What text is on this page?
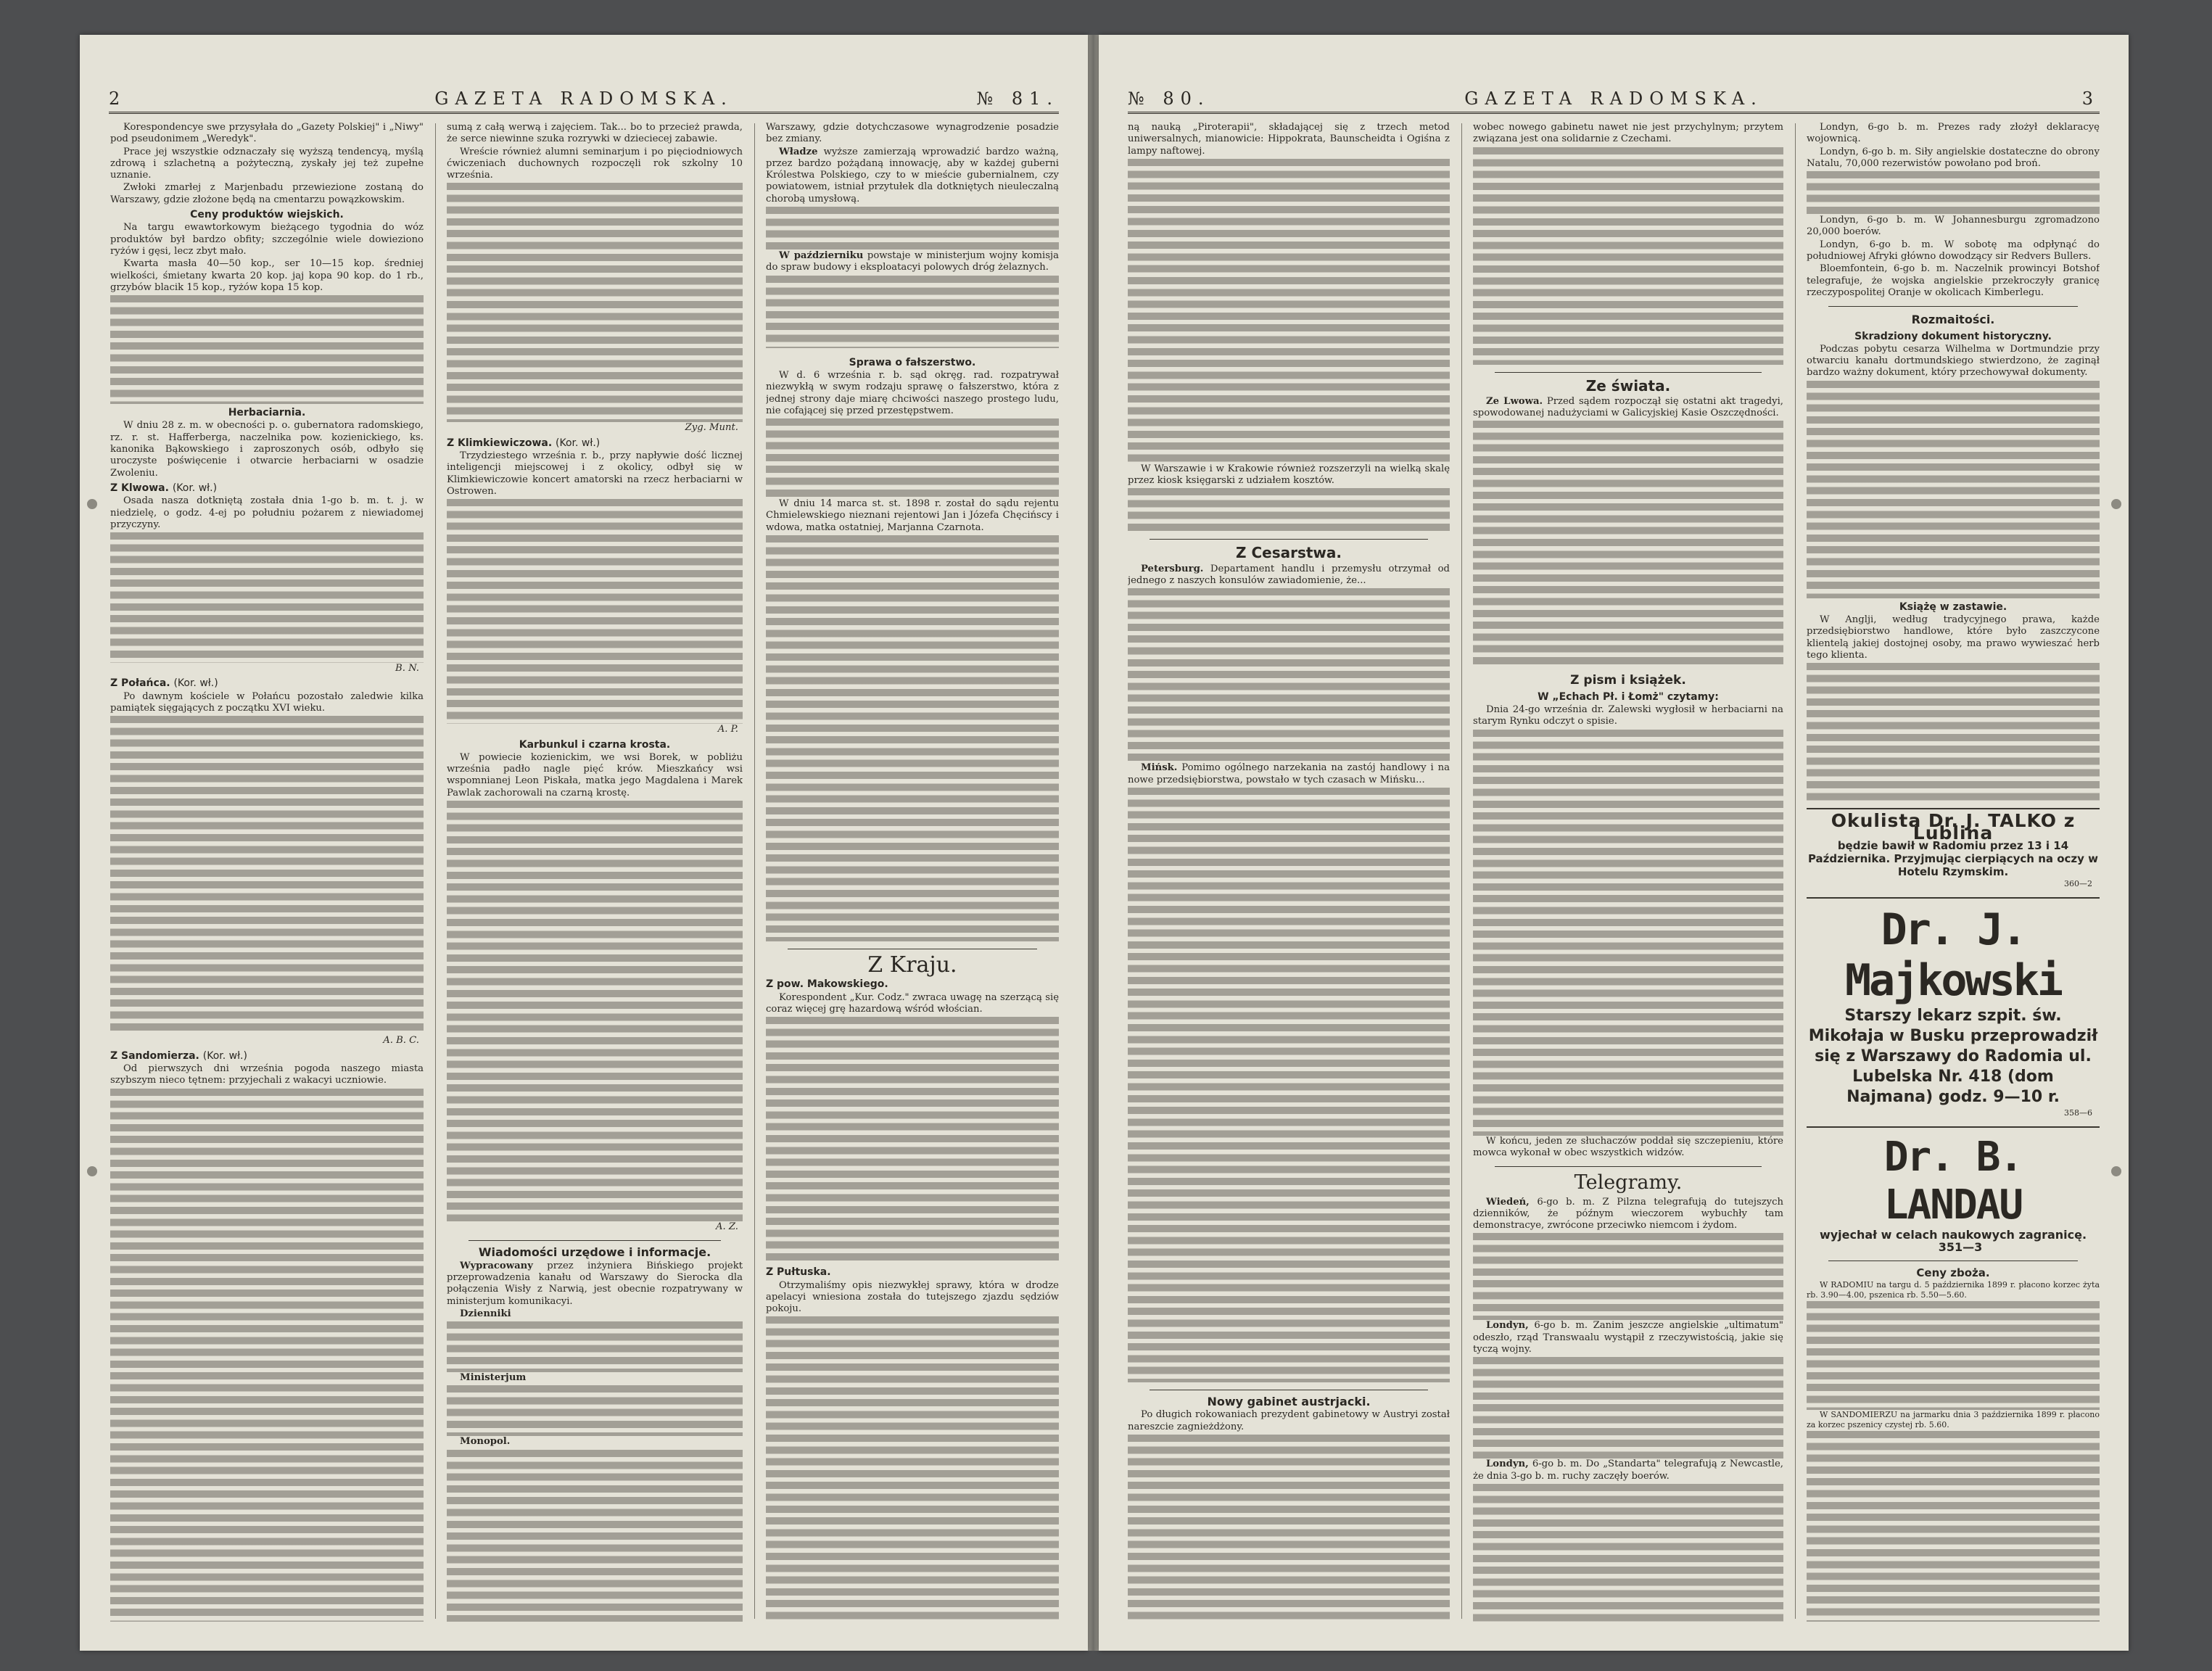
2	GAZETA RADOMSKA.	№ 81.

Korespondencye swe przysyłała do „Gazety Polskiej" i „Niwy" pod pseudonimem „Weredyk".

Prace jej wszystkie odznaczały się wyższą tendencyą, myślą zdrową i szlachetną a pożyteczną, zyskały jej też zupełne uznanie.

Zwłoki zmarłej z Marjenbadu przewiezione zostaną do Warszawy, gdzie złożone będą na cmentarzu powązkowskim.

Ceny produktów wiejskich.

Na targu ewawtorkowym bieżącego tygodnia do wóz produktów był bardzo obfity; szczególnie wiele dowieziono ryżów i gęsi, lecz zbyt mało.

Kwarta masła 40—50 kop., ser 10—15 kop. średniej wielkości, śmietany kwarta 20 kop. jaj kopa 90 kop. do 1 rb., grzybów blacik 15 kop., ryżów kopa 15 kop.

Herbaciarnia.

W dniu 28 z. m. w obecności p. o. gubernatora radomskiego, rz. r. st. Hafferberga, naczelnika pow. kozienickiego, ks. kanonika Bąkowskiego i zaproszonych osób, odbyło się uroczyste poświęcenie i otwarcie herbaciarni w osadzie Zwoleniu.

Z Klwowa. (Kor. wł.)

Osada nasza dotkniętą została dnia 1-go b. m. t. j. w niedzielę, o godz. 4-ej po południu pożarem z niewiadomej przyczyny.

B. N.
Z Połańca. (Kor. wł.)

Po dawnym kościele w Połańcu pozostało zaledwie kilka pamiątek sięgających z początku XVI wieku.

A. B. C.
Z Sandomierza. (Kor. wł.)

Od pierwszych dni września pogoda naszego miasta szybszym nieco tętnem: przyjechali z wakacyi uczniowie.

sumą z całą werwą i zajęciem. Tak... bo to przecież prawda, że serce niewinne szuka rozrywki w dzieciecej zabawie.

Wreście również alumni seminarjum i po pięciodniowych ćwiczeniach duchownych rozpoczęli rok szkolny 10 września.

Zyg. Munt.
Z Klimkiewiczowa. (Kor. wł.)

Trzydziestego września r. b., przy napływie dość licznej inteligencji miejscowej i z okolicy, odbył się w Klimkiewiczowie koncert amatorski na rzecz herbaciarni w Ostrowen.

A. P.
Karbunkul i czarna krosta.

W powiecie kozienickim, we wsi Borek, w pobliżu września padło nagle pięć krów. Mieszkańcy wsi wspomnianej Leon Piskała, matka jego Magdalena i Marek Pawlak zachorowali na czarną krostę.

A. Z.
Wiadomości urzędowe i informacje.

Wypracowany przez inżyniera Bińskiego projekt przeprowadzenia kanału od Warszawy do Sierocka dla połączenia Wisły z Narwią, jest obecnie rozpatrywany w ministerjum komunikacyi.

Dzienniki

Ministerjum

Monopol.

Warszawy, gdzie dotychczasowe wynagrodzenie posadzie bez zmiany.

Władze wyższe zamierzają wprowadzić bardzo ważną, przez bardzo pożądaną innowację, aby w każdej guberni Królestwa Polskiego, czy to w mieście gubernialnem, czy powiatowem, istniał przytułek dla dotkniętych nieuleczalną chorobą umysłową.

W październiku powstaje w ministerjum wojny komisja do spraw budowy i eksploatacyi polowych dróg żelaznych.

Sprawa o fałszerstwo.

W d. 6 września r. b. sąd okręg. rad. rozpatrywał niezwykłą w swym rodzaju sprawę o fałszerstwo, która z jednej strony daje miarę chciwości naszego prostego ludu, nie cofającej się przed przestępstwem.

W dniu 14 marca st. st. 1898 r. został do sądu rejentu Chmielewskiego nieznani rejentowi Jan i Józefa Chęcińscy i wdowa, matka ostatniej, Marjanna Czarnota.

Z Kraju.
Z pow. Makowskiego.

Korespondent „Kur. Codz." zwraca uwagę na szerzącą się coraz więcej grę hazardową wśród włościan.

Z Pułtuska.

Otrzymaliśmy opis niezwykłej sprawy, która w drodze apelacyi wniesiona została do tutejszego zjazdu sędziów pokoju.

№ 80.	GAZETA RADOMSKA.	3

ną nauką „Piroterapii", składającej się z trzech metod uniwersalnych, mianowicie: Hippokrata, Baunscheidta i Ogiśna z lampy naftowej.

W Warszawie i w Krakowie również rozszerzyli na wielką skalę przez kiosk księgarski z udziałem kosztów.

Z Cesarstwa.

Petersburg. Departament handlu i przemysłu otrzymał od jednego z naszych konsulów zawiadomienie, że...

Mińsk. Pomimo ogólnego narzekania na zastój handlowy i na nowe przedsiębiorstwa, powstało w tych czasach w Mińsku...

Nowy gabinet austrjacki.

Po długich rokowaniach prezydent gabinetowy w Austryi został nareszcie zagnieżdżony.

wobec nowego gabinetu nawet nie jest przychylnym; przytem związana jest ona solidarnie z Czechami.

Ze świata.

Ze Lwowa. Przed sądem rozpoczął się ostatni akt tragedyi, spowodowanej nadużyciami w Galicyjskiej Kasie Oszczędności.

Z pism i książek.
W „Echach Pł. i Łomż" czytamy:

Dnia 24-go września dr. Zalewski wygłosił w herbaciarni na starym Rynku odczyt o spisie.

W końcu, jeden ze słuchaczów poddał się szczepieniu, które mowca wykonał w obec wszystkich widzów.

Telegramy.

Wiedeń, 6-go b. m. Z Pilzna telegrafują do tutejszych dzienników, że późnym wieczorem wybuchły tam demonstracye, zwrócone przeciwko niemcom i żydom.

Londyn, 6-go b. m. Zanim jeszcze angielskie „ultimatum" odeszło, rząd Transwaalu wystąpił z rzeczywistością, jakie się tyczą wojny.

Londyn, 6-go b. m. Do „Standarta" telegrafują z Newcastle, że dnia 3-go b. m. ruchy zaczęły boerów.

Londyn, 6-go b. m. Prezes rady złożył deklaracyę wojownicą.

Londyn, 6-go b. m. Siły angielskie dostateczne do obrony Natalu, 70,000 rezerwistów powołano pod broń.

Londyn, 6-go b. m. W Johannesburgu zgromadzono 20,000 boerów.

Londyn, 6-go b. m. W sobotę ma odpłynąć do południowej Afryki główno dowodzący sir Redvers Bullers.

Bloemfontein, 6-go b. m. Naczelnik prowincyi Botshof telegrafuje, że wojska angielskie przekroczyły granicę rzeczypospolitej Oranje w okolicach Kimberlegu.

Rozmaitości.
Skradziony dokument historyczny.

Podczas pobytu cesarza Wilhelma w Dortmundzie przy otwarciu kanału dortmundskiego stwierdzono, że zaginął bardzo ważny dokument, który przechowywał dokumenty.

Książę w zastawie.

W Anglji, według tradycyjnego prawa, każde przedsiębiorstwo handlowe, które było zaszczycone klientelą jakiej dostojnej osoby, ma prawo wywieszać herb tego klienta.

Okulista Dr. J. TALKO z Lublina
będzie bawił w Radomiu przez 13 i 14 Października. Przyjmując cierpiących na oczy w Hotelu Rzymskim.
360—2
Dr. J. Majkowski
Starszy lekarz szpit. św. Mikołaja w Busku przeprowadził się z Warszawy do Radomia ul. Lubelska Nr. 418 (dom Najmana) godz. 9—10 r.
358—6
Dr. B. LANDAU
wyjechał w celach naukowych zagranicę. 351—3
Ceny zboża.

W RADOMIU na targu d. 5 października 1899 r. płacono korzec żyta rb. 3.90—4.00, pszenica rb. 5.50—5.60.

W SANDOMIERZU na jarmarku dnia 3 października 1899 r. płacono za korzec pszenicy czystej rb. 5.60.
